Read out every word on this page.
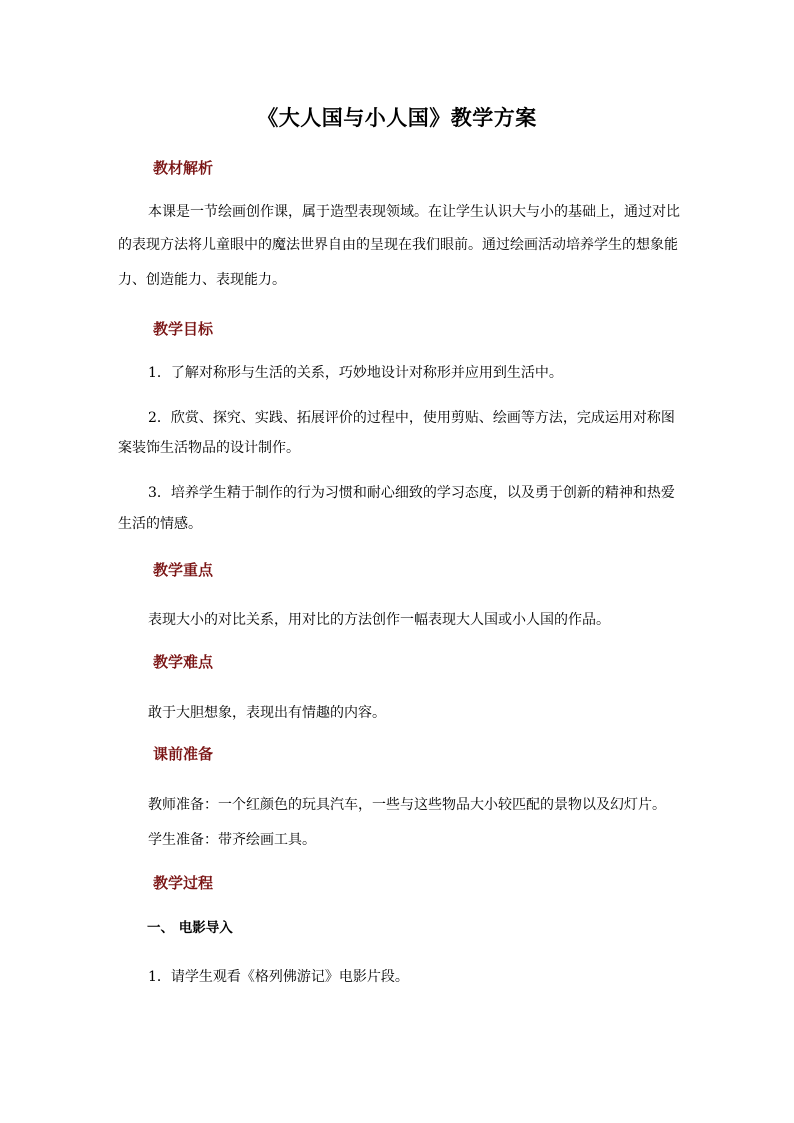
《大人国与小人国》教学方案
教材解析
本课是一节绘画创作课，属于造型表现领域。在让学生认识大与小的基础上，通过对比
的表现方法将儿童眼中的魔法世界自由的呈现在我们眼前。通过绘画活动培养学生的想象能
力、创造能力、表现能力。
教学目标
1．了解对称形与生活的关系，巧妙地设计对称形并应用到生活中。
2．欣赏、探究、实践、拓展评价的过程中，使用剪贴、绘画等方法，完成运用对称图
案装饰生活物品的设计制作。
3．培养学生精于制作的行为习惯和耐心细致的学习态度，以及勇于创新的精神和热爱
生活的情感。
教学重点
表现大小的对比关系，用对比的方法创作一幅表现大人国或小人国的作品。
教学难点
敢于大胆想象，表现出有情趣的内容。
课前准备
教师准备：一个红颜色的玩具汽车，一些与这些物品大小较匹配的景物以及幻灯片。
学生准备：带齐绘画工具。
教学过程
一、 电影导入
1．请学生观看《格列佛游记》电影片段。
